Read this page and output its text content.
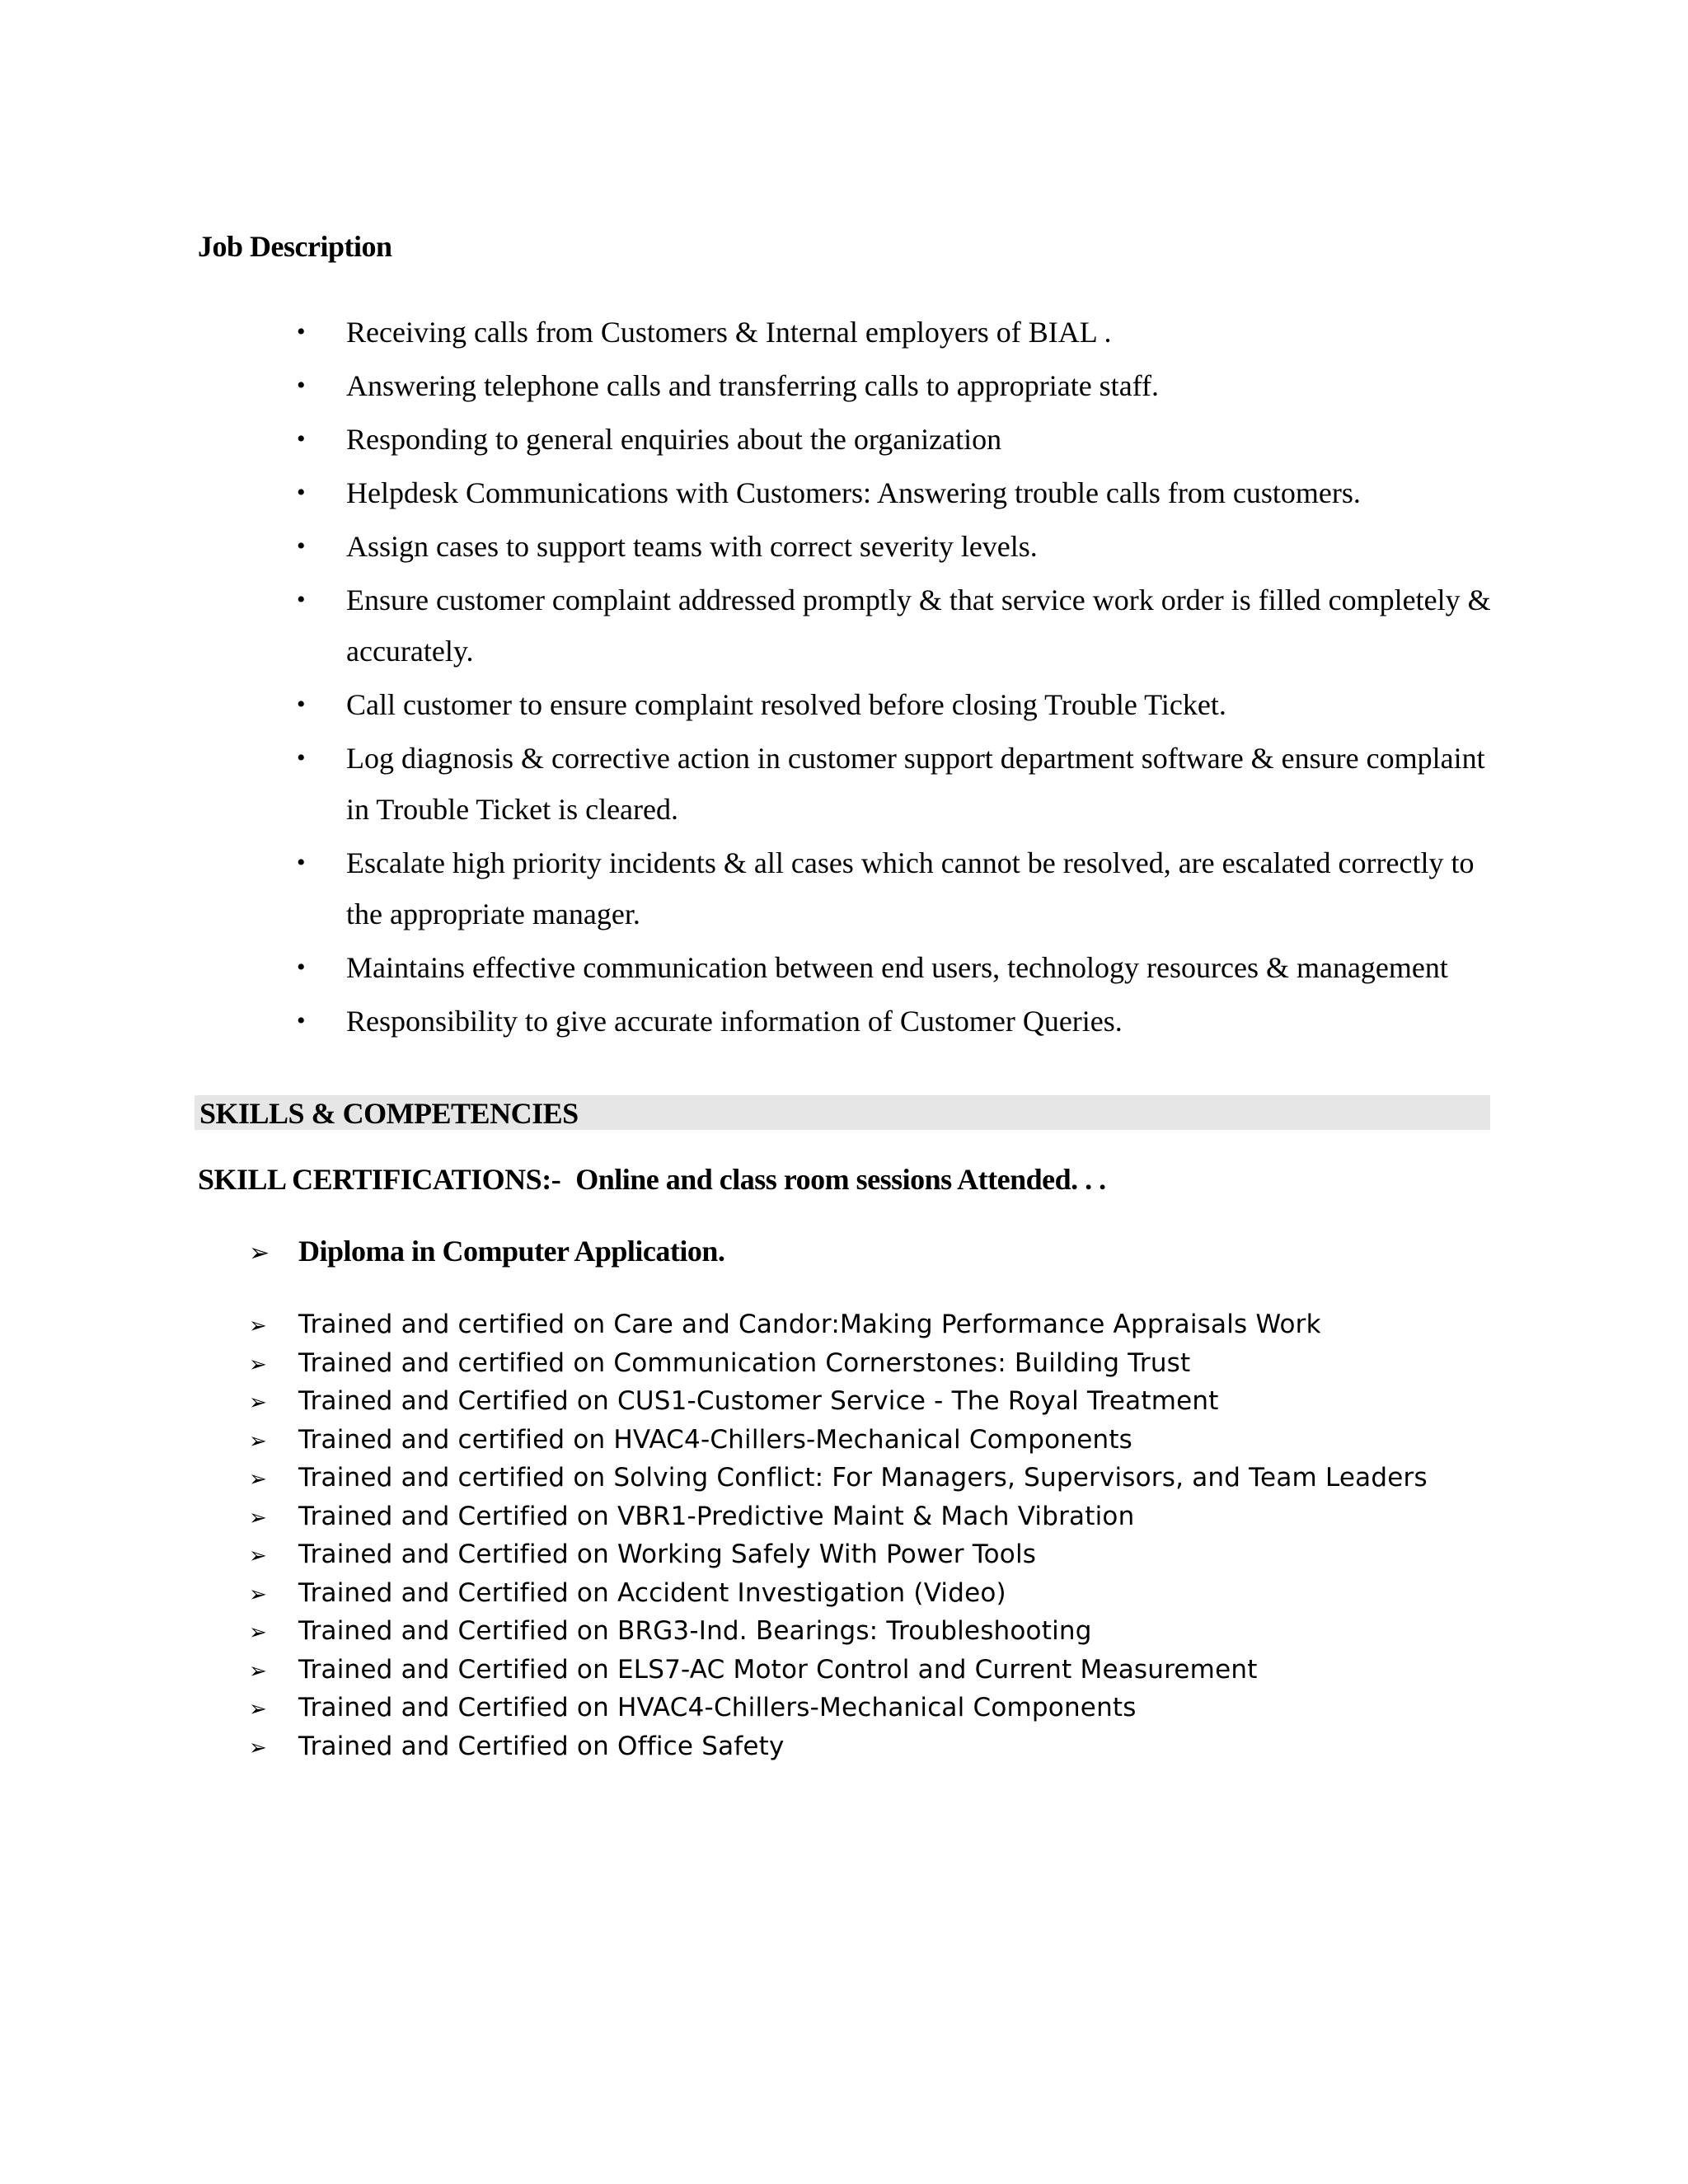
Job Description
•	Receiving calls from Customers & Internal employers of BIAL .
•	Answering telephone calls and transferring calls to appropriate staff.
•	Responding to general enquiries about the organization
•	Helpdesk Communications with Customers: Answering trouble calls from customers.
•	Assign cases to support teams with correct severity levels.
•	Ensure customer complaint addressed promptly & that service work order is filled completely & accurately.
•	Call customer to ensure complaint resolved before closing Trouble Ticket.
•	Log diagnosis & corrective action in customer support department software & ensure complaint in Trouble Ticket is cleared.
•	Escalate high priority incidents & all cases which cannot be resolved, are escalated correctly to the appropriate manager.
•	Maintains effective communication between end users, technology resources & management
•	Responsibility to give accurate information of Customer Queries.
SKILLS & COMPETENCIES
SKILL CERTIFICATIONS:- Online and class room sessions Attended. . .
➢ Diploma in Computer Application.
➢ Trained and certified on Care and Candor:Making Performance Appraisals Work
➢ Trained and certified on Communication Cornerstones: Building Trust
➢ Trained and Certified on CUS1-Customer Service - The Royal Treatment
➢ Trained and certified on HVAC4-Chillers-Mechanical Components
➢ Trained and certified on Solving Conflict: For Managers, Supervisors, and Team Leaders
➢ Trained and Certified on VBR1-Predictive Maint & Mach Vibration
➢ Trained and Certified on Working Safely With Power Tools
➢ Trained and Certified on Accident Investigation (Video)
➢ Trained and Certified on BRG3-Ind. Bearings: Troubleshooting
➢ Trained and Certified on ELS7-AC Motor Control and Current Measurement
➢ Trained and Certified on HVAC4-Chillers-Mechanical Components
➢ Trained and Certified on Office Safety
